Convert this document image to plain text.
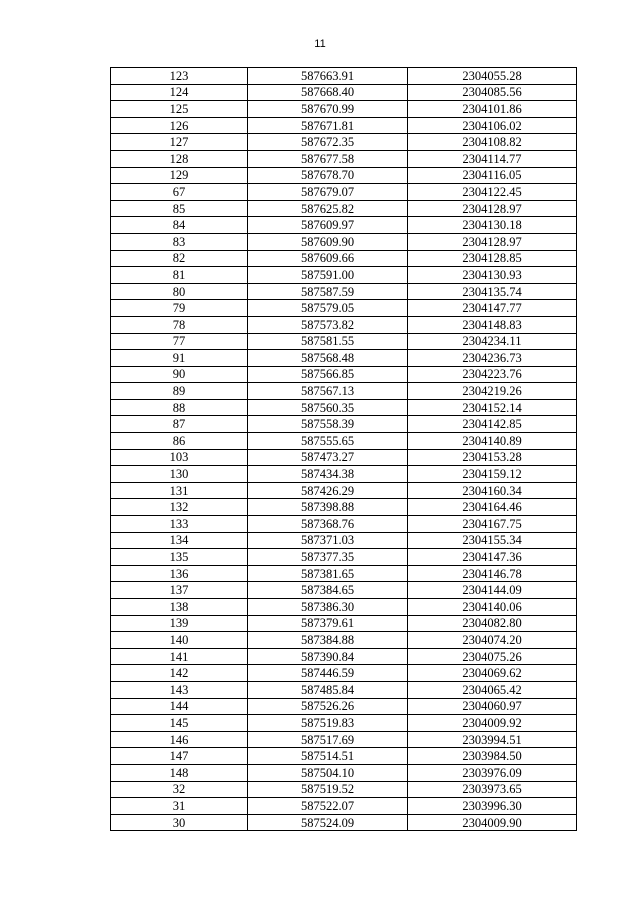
11
123	587663.91	2304055.28
124	587668.40	2304085.56
125	587670.99	2304101.86
126	587671.81	2304106.02
127	587672.35	2304108.82
128	587677.58	2304114.77
129	587678.70	2304116.05
67	587679.07	2304122.45
85	587625.82	2304128.97
84	587609.97	2304130.18
83	587609.90	2304128.97
82	587609.66	2304128.85
81	587591.00	2304130.93
80	587587.59	2304135.74
79	587579.05	2304147.77
78	587573.82	2304148.83
77	587581.55	2304234.11
91	587568.48	2304236.73
90	587566.85	2304223.76
89	587567.13	2304219.26
88	587560.35	2304152.14
87	587558.39	2304142.85
86	587555.65	2304140.89
103	587473.27	2304153.28
130	587434.38	2304159.12
131	587426.29	2304160.34
132	587398.88	2304164.46
133	587368.76	2304167.75
134	587371.03	2304155.34
135	587377.35	2304147.36
136	587381.65	2304146.78
137	587384.65	2304144.09
138	587386.30	2304140.06
139	587379.61	2304082.80
140	587384.88	2304074.20
141	587390.84	2304075.26
142	587446.59	2304069.62
143	587485.84	2304065.42
144	587526.26	2304060.97
145	587519.83	2304009.92
146	587517.69	2303994.51
147	587514.51	2303984.50
148	587504.10	2303976.09
32	587519.52	2303973.65
31	587522.07	2303996.30
30	587524.09	2304009.90
